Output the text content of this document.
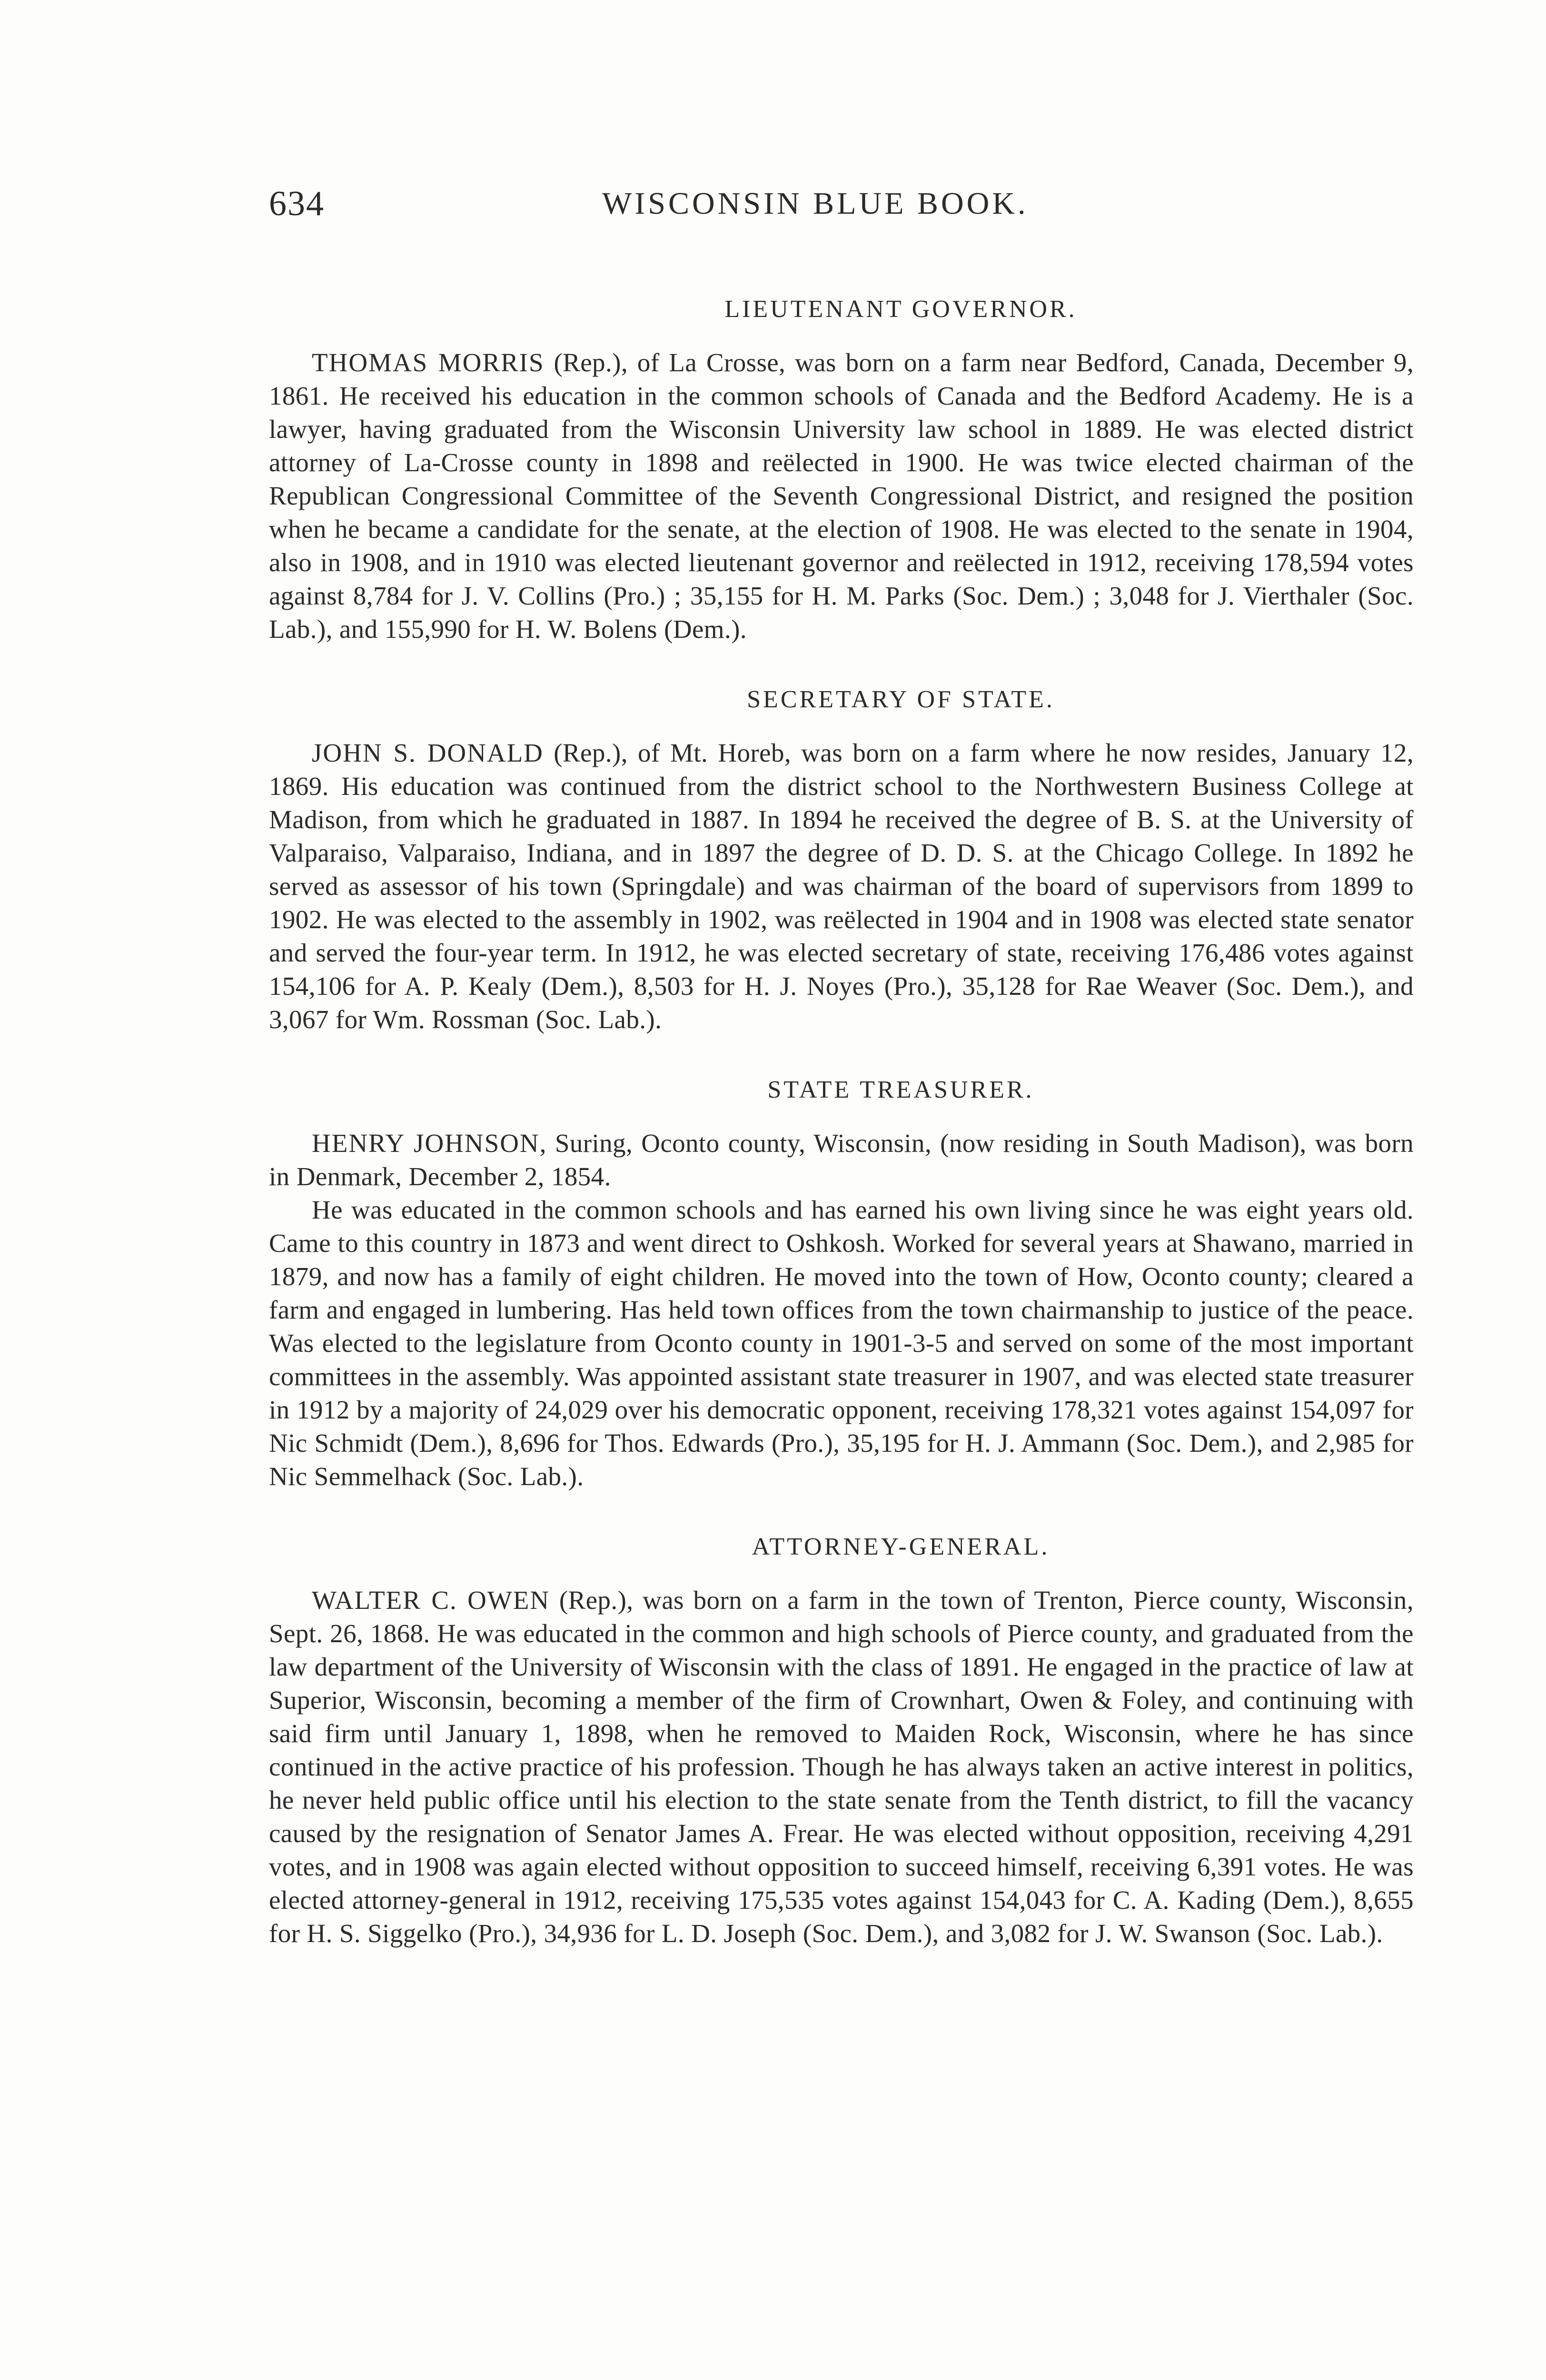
634	WISCONSIN BLUE BOOK.
LIEUTENANT GOVERNOR.

THOMAS MORRIS (Rep.), of La Crosse, was born on a farm near Bedford, Canada, December 9, 1861. He received his education in the common schools of Canada and the Bedford Academy. He is a lawyer, having graduated from the Wisconsin University law school in 1889. He was elected district attorney of La-Crosse county in 1898 and reëlected in 1900. He was twice elected chairman of the Republican Congressional Committee of the Seventh Congressional District, and resigned the position when he became a candidate for the senate, at the election of 1908. He was elected to the senate in 1904, also in 1908, and in 1910 was elected lieutenant governor and reëlected in 1912, receiving 178,594 votes against 8,784 for J. V. Collins (Pro.) ; 35,155 for H. M. Parks (Soc. Dem.) ; 3,048 for J. Vierthaler (Soc. Lab.), and 155,990 for H. W. Bolens (Dem.).

SECRETARY OF STATE.

JOHN S. DONALD (Rep.), of Mt. Horeb, was born on a farm where he now resides, January 12, 1869. His education was continued from the district school to the Northwestern Business College at Madison, from which he graduated in 1887. In 1894 he received the degree of B. S. at the University of Valparaiso, Valparaiso, Indiana, and in 1897 the degree of D. D. S. at the Chicago College. In 1892 he served as assessor of his town (Springdale) and was chairman of the board of supervisors from 1899 to 1902. He was elected to the assembly in 1902, was reëlected in 1904 and in 1908 was elected state senator and served the four-year term. In 1912, he was elected secretary of state, receiving 176,486 votes against 154,106 for A. P. Kealy (Dem.), 8,503 for H. J. Noyes (Pro.), 35,128 for Rae Weaver (Soc. Dem.), and 3,067 for Wm. Rossman (Soc. Lab.).

STATE TREASURER.

HENRY JOHNSON, Suring, Oconto county, Wisconsin, (now residing in South Madison), was born in Denmark, December 2, 1854.

He was educated in the common schools and has earned his own living since he was eight years old. Came to this country in 1873 and went direct to Oshkosh. Worked for several years at Shawano, married in 1879, and now has a family of eight children. He moved into the town of How, Oconto county; cleared a farm and engaged in lumbering. Has held town offices from the town chairmanship to justice of the peace. Was elected to the legislature from Oconto county in 1901-3-5 and served on some of the most important committees in the assembly. Was appointed assistant state treasurer in 1907, and was elected state treasurer in 1912 by a majority of 24,029 over his democratic opponent, receiving 178,321 votes against 154,097 for Nic Schmidt (Dem.), 8,696 for Thos. Edwards (Pro.), 35,195 for H. J. Ammann (Soc. Dem.), and 2,985 for Nic Semmelhack (Soc. Lab.).

ATTORNEY-GENERAL.

WALTER C. OWEN (Rep.), was born on a farm in the town of Trenton, Pierce county, Wisconsin, Sept. 26, 1868. He was educated in the common and high schools of Pierce county, and graduated from the law department of the University of Wisconsin with the class of 1891. He engaged in the practice of law at Superior, Wisconsin, becoming a member of the firm of Crownhart, Owen & Foley, and continuing with said firm until January 1, 1898, when he removed to Maiden Rock, Wisconsin, where he has since continued in the active practice of his profession. Though he has always taken an active interest in politics, he never held public office until his election to the state senate from the Tenth district, to fill the vacancy caused by the resignation of Senator James A. Frear. He was elected without opposition, receiving 4,291 votes, and in 1908 was again elected without opposition to succeed himself, receiving 6,391 votes. He was elected attorney-general in 1912, receiving 175,535 votes against 154,043 for C. A. Kading (Dem.), 8,655 for H. S. Siggelko (Pro.), 34,936 for L. D. Joseph (Soc. Dem.), and 3,082 for J. W. Swanson (Soc. Lab.).
